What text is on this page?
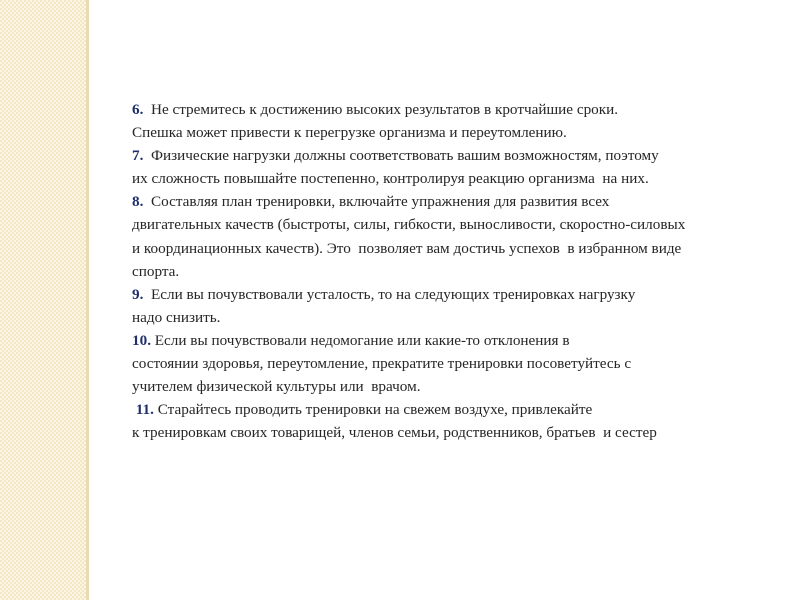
6.  Не стремитесь к достижению высоких результатов в кротчайшие сроки.
Спешка может привести к перегрузке организма и переутомлению.
7.  Физические нагрузки должны соответствовать вашим возможностям, поэтому
их сложность повышайте постепенно, контролируя реакцию организма  на них.
8.  Составляя план тренировки, включайте упражнения для развития всех
двигательных качеств (быстроты, силы, гибкости, выносливости, скоростно-силовых
и координационных качеств). Это  позволяет вам достичь успехов  в избранном виде
спорта.
9.  Если вы почувствовали усталость, то на следующих тренировках нагрузку
надо снизить.
10. Если вы почувствовали недомогание или какие-то отклонения в
состоянии здоровья, переутомление, прекратите тренировки посоветуйтесь с
учителем физической культуры или  врачом.
11. Старайтесь проводить тренировки на свежем воздухе, привлекайте
к тренировкам своих товарищей, членов семьи, родственников, братьев  и сестер
